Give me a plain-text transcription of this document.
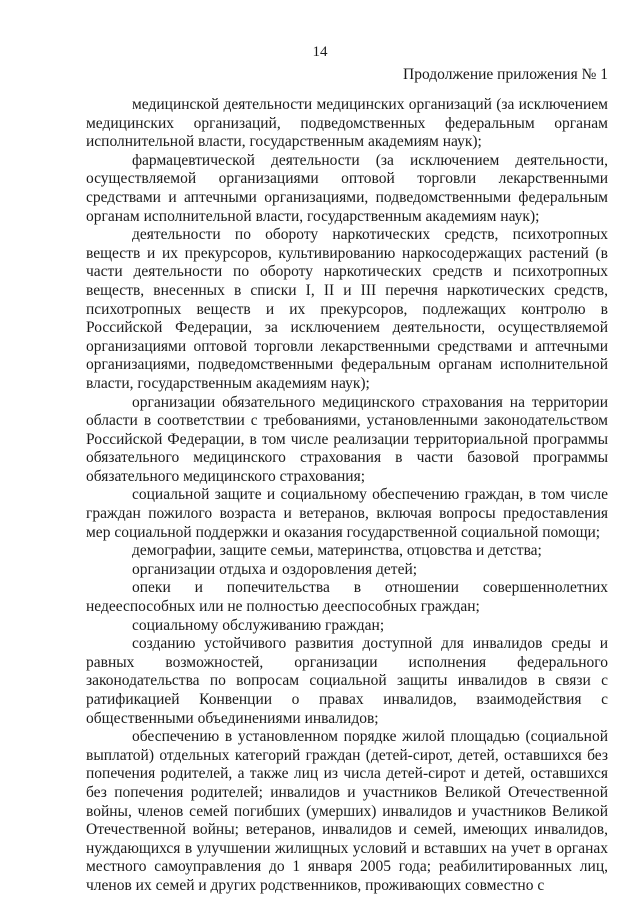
14
Продолжение приложения № 1

медицинской деятельности медицинских организаций (за исключением медицинских организаций, подведомственных федеральным органам исполнительной власти, государственным академиям наук);

фармацевтической деятельности (за исключением деятельности, осуществляемой организациями оптовой торговли лекарственными средствами и аптечными организациями, подведомственными федеральным органам исполнительной власти, государственным академиям наук);

деятельности по обороту наркотических средств, психотропных веществ и их прекурсоров, культивированию наркосодержащих растений (в части деятельности по обороту наркотических средств и психотропных веществ, внесенных в списки I, II и III перечня наркотических средств, психотропных веществ и их прекурсоров, подлежащих контролю в Российской Федерации, за исключением деятельности, осуществляемой организациями оптовой торговли лекарственными средствами и аптечными организациями, подведомственными федеральным органам исполнительной власти, государственным академиям наук);

организации обязательного медицинского страхования на территории области в соответствии с требованиями, установленными законодательством Российской Федерации, в том числе реализации территориальной программы обязательного медицинского страхования в части базовой программы обязательного медицинского страхования;

социальной защите и социальному обеспечению граждан, в том числе граждан пожилого возраста и ветеранов, включая вопросы предоставления мер социальной поддержки и оказания государственной социальной помощи;

демографии, защите семьи, материнства, отцовства и детства;

организации отдыха и оздоровления детей;

опеки и попечительства в отношении совершеннолетних недееспособных или не полностью дееспособных граждан;

социальному обслуживанию граждан;

созданию устойчивого развития доступной для инвалидов среды и равных возможностей, организации исполнения федерального законодательства по вопросам социальной защиты инвалидов в связи с ратификацией Конвенции о правах инвалидов, взаимодействия с общественными объединениями инвалидов;

обеспечению в установленном порядке жилой площадью (социальной выплатой) отдельных категорий граждан (детей-сирот, детей, оставшихся без попечения родителей, а также лиц из числа детей-сирот и детей, оставшихся без попечения родителей; инвалидов и участников Великой Отечественной войны, членов семей погибших (умерших) инвалидов и участников Великой Отечественной войны; ветеранов, инвалидов и семей, имеющих инвалидов, нуждающихся в улучшении жилищных условий и вставших на учет в органах местного самоуправления до 1 января 2005 года; реабилитированных лиц, членов их семей и других родственников, проживающих совместно с
